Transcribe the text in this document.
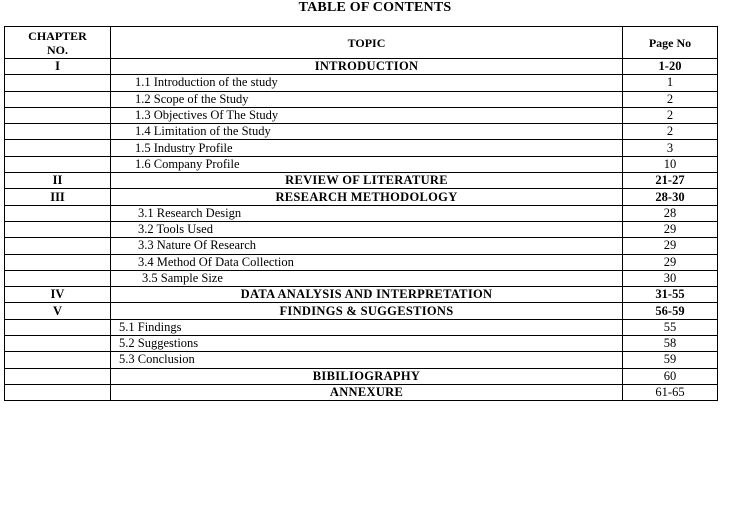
TABLE OF CONTENTS
CHAPTER
NO.	TOPIC	Page No
I	INTRODUCTION	1-20
	1.1 Introduction of the study	1
	1.2 Scope of the Study	2
	1.3 Objectives Of The Study	2
	1.4 Limitation of the Study	2
	1.5 Industry Profile	3
	1.6 Company Profile	10
II	REVIEW OF LITERATURE	21-27
III	RESEARCH METHODOLOGY	28-30
	3.1 Research Design	28
	3.2 Tools Used	29
	3.3 Nature Of Research	29
	3.4 Method Of Data Collection	29
	3.5 Sample Size	30
IV	DATA ANALYSIS AND INTERPRETATION	31-55
V	FINDINGS & SUGGESTIONS	56-59
	5.1 Findings	55
	5.2 Suggestions	58
	5.3 Conclusion	59
	BIBILIOGRAPHY	60
	ANNEXURE	61-65
